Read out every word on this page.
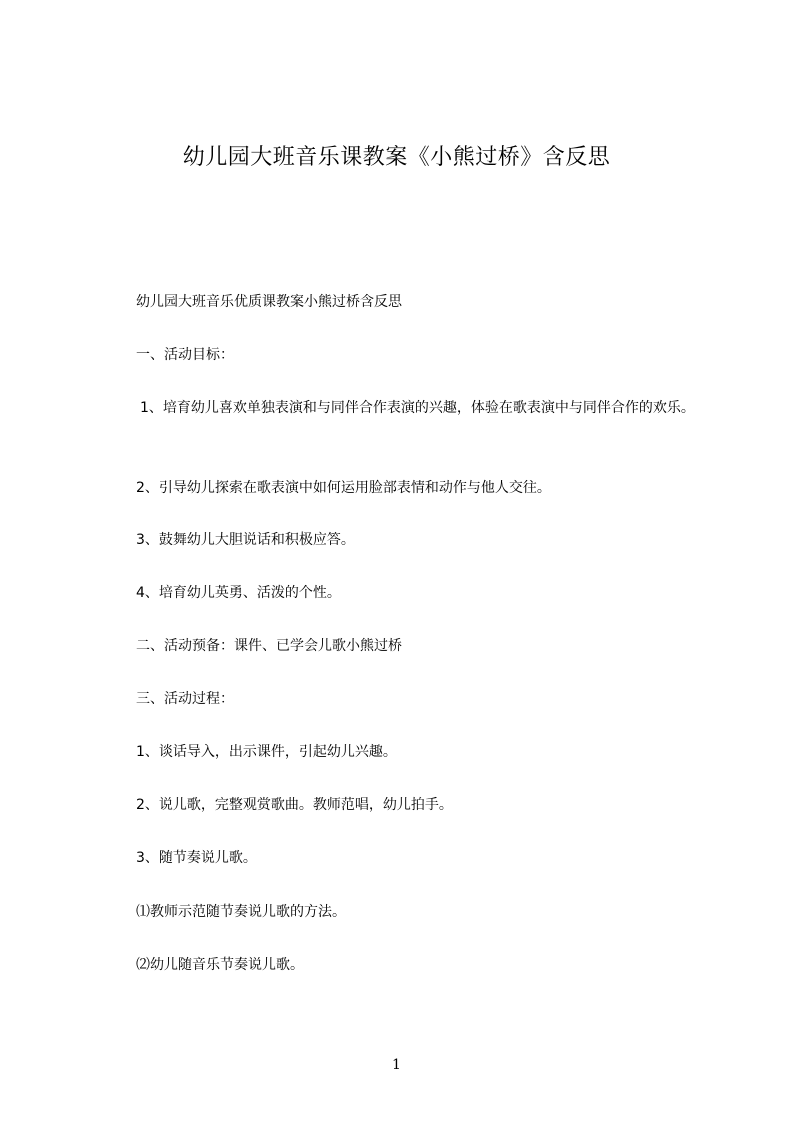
幼儿园大班音乐课教案《小熊过桥》含反思
幼儿园大班音乐优质课教案小熊过桥含反思
一、活动目标：
1、培育幼儿喜欢单独表演和与同伴合作表演的兴趣，体验在歌表演中与同伴合作的欢乐。
2、引导幼儿探索在歌表演中如何运用脸部表情和动作与他人交往。
3、鼓舞幼儿大胆说话和积极应答。
4、培育幼儿英勇、活泼的个性。
二、活动预备：课件、已学会儿歌小熊过桥
三、活动过程：
1、谈话导入，出示课件，引起幼儿兴趣。
2、说儿歌，完整观赏歌曲。教师范唱，幼儿拍手。
3、随节奏说儿歌。
⑴教师示范随节奏说儿歌的方法。
⑵幼儿随音乐节奏说儿歌。
1
